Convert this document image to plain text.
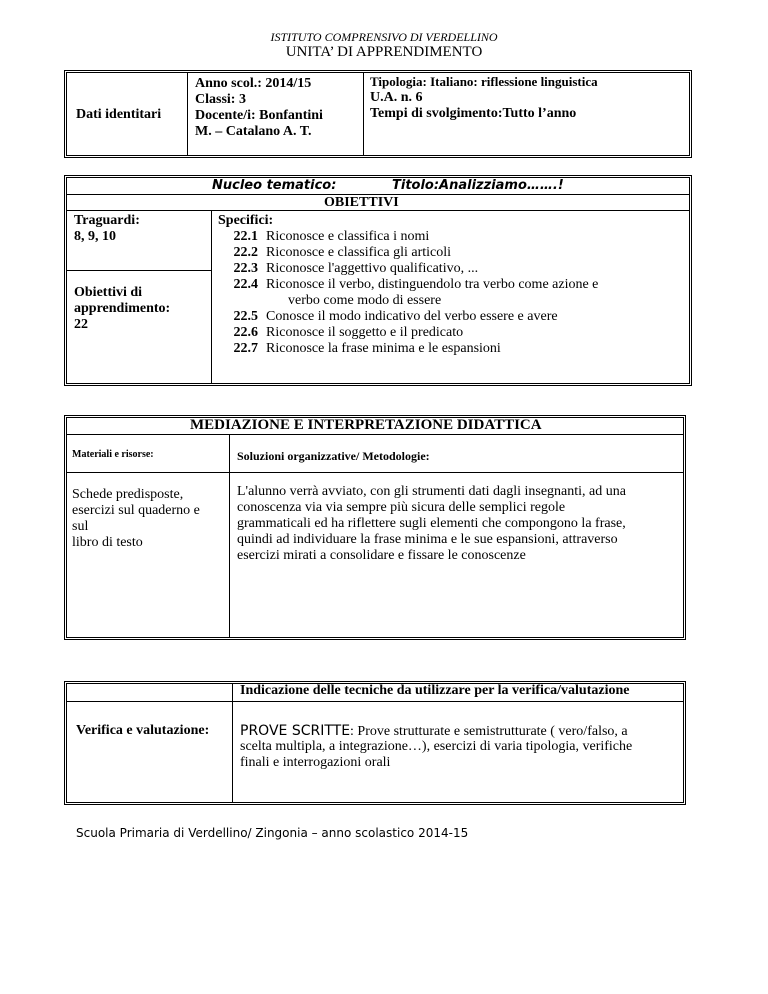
ISTITUTO COMPRENSIVO DI VERDELLINO
UNITA’ DI APPRENDIMENTO
Dati identitari
Anno scol.: 2014/15
Classi: 3
Docente/i: Bonfantini
M. – Catalano A. T.
Tipologia: Italiano: riflessione linguistica
U.A. n. 6
Tempi di svolgimento:Tutto l’anno
Nucleo tematico:	Titolo:Analizziamo…….!
OBIETTIVI
Traguardi:
8, 9, 10
Obiettivi di
apprendimento:
22
Specifici:
22.1 Riconosce e classifica i nomi
22.2 Riconosce e classifica gli articoli
22.3 Riconosce l'aggettivo qualificativo, ...
22.4 Riconosce il verbo, distinguendolo tra verbo come azione e
verbo come modo di essere
22.5 Conosce il modo indicativo del verbo essere e avere
22.6 Riconosce il soggetto e il predicato
22.7 Riconosce la frase minima e le espansioni
MEDIAZIONE E INTERPRETAZIONE DIDATTICA
Materiali e risorse:	Soluzioni organizzative/ Metodologie:
Schede predisposte,
esercizi sul quaderno e
sul
libro di testo
L'alunno verrà avviato, con gli strumenti dati dagli insegnanti, ad una
conoscenza via via sempre più sicura delle semplici regole
grammaticali ed ha riflettere sugli elementi che compongono la frase,
quindi ad individuare la frase minima e le sue espansioni, attraverso
esercizi mirati a consolidare e fissare le conoscenze
Indicazione delle tecniche da utilizzare per la verifica/valutazione
Verifica e valutazione: PROVE SCRITTE: Prove strutturate e semistrutturate ( vero/falso, a
scelta multipla, a integrazione…), esercizi di varia tipologia, verifiche
finali e interrogazioni orali
Scuola Primaria di Verdellino/ Zingonia – anno scolastico 2014-15
